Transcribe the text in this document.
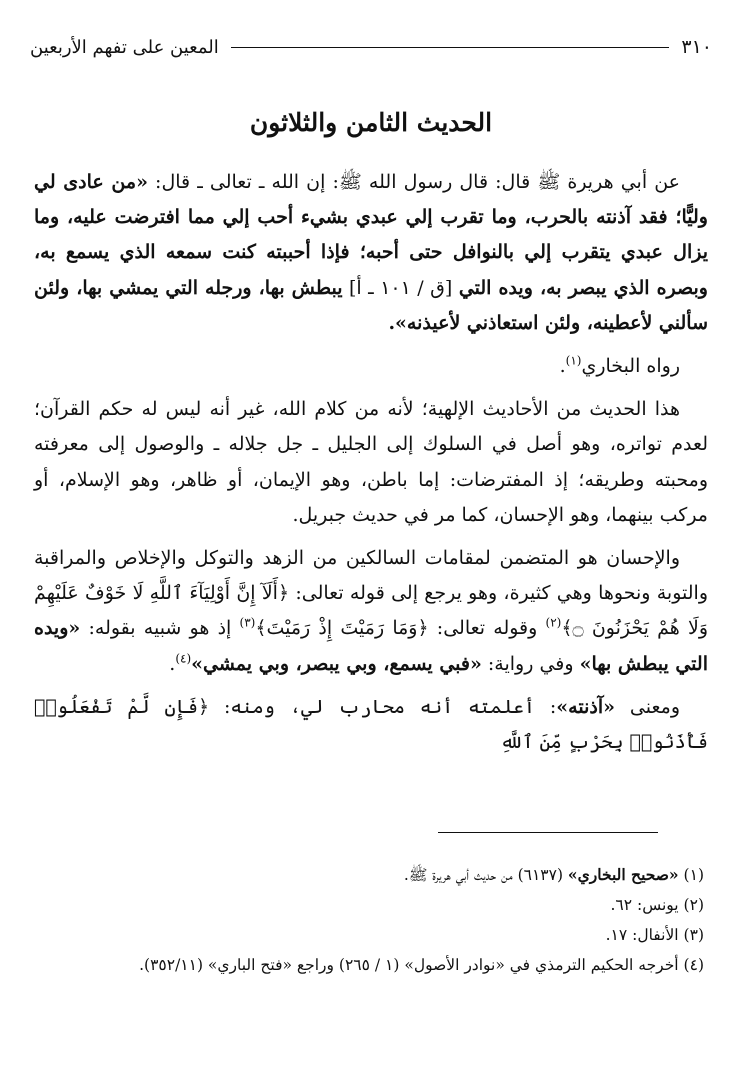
٣١٠
المعين على تفهم الأربعين
الحديث الثامن والثلاثون

عن أبي هريرة ﷺ قال: قال رسول الله ﷺ: إن الله ـ تعالى ـ قال: «من عادى لي وليًّا؛ فقد آذنته بالحرب، وما تقرب إلي عبدي بشيء أحب إلي مما افترضت عليه، وما يزال عبدي يتقرب إلي بالنوافل حتى أحبه؛ فإذا أحببته كنت سمعه الذي يسمع به، وبصره الذي يبصر به، ويده التي [ق / ١٠١ ـ أ] يبطش بها، ورجله التي يمشي بها، ولئن سألني لأعطينه، ولئن استعاذني لأعيذنه».

رواه البخاري$^{(١)}$.

هذا الحديث من الأحاديث الإلهية؛ لأنه من كلام الله، غير أنه ليس له حكم القرآن؛ لعدم تواتره، وهو أصل في السلوك إلى الجليل ـ جل جلاله ـ والوصول إلى معرفته ومحبته وطريقه؛ إذ المفترضات: إما باطن، وهو الإيمان، أو ظاهر، وهو الإسلام، أو مركب بينهما، وهو الإحسان، كما مر في حديث جبريل.

والإحسان هو المتضمن لمقامات السالكين من الزهد والتوكل والإخلاص والمراقبة والتوبة ونحوها وهي كثيرة، وهو يرجع إلى قوله تعالى: ﴿أَلَآ إِنَّ أَوْلِيَآءَ ٱللَّهِ لَا خَوْفٌ عَلَيْهِمْ وَلَا هُمْ يَحْزَنُونَ ۝﴾$^{(٢)}$ وقوله تعالى: ﴿وَمَا رَمَيْتَ إِذْ رَمَيْتَ﴾$^{(٣)}$ إذ هو شبيه بقوله: «ويده التي يبطش بها» وفي رواية: «فبي يسمع، وبي يبصر، وبي يمشي»$^{(٤)}$.

ومعنى «آذنته»: أعلمته أنه محارب لي، ومنه: ﴿فَإِن لَّمْ تَفْعَلُوا۟ فَأْذَنُوا۟ بِحَرْبٍ مِّنَ ٱللَّهِ

(١) «صحيح البخاري» (٦١٣٧) من حديث أبي هريرة ﷺ.
(٢) يونس: ٦٢.
(٣) الأنفال: ١٧.
(٤) أخرجه الحكيم الترمذي في «نوادر الأصول» (١ / ٢٦٥) وراجع «فتح الباري» (٣٥٢/١١).
